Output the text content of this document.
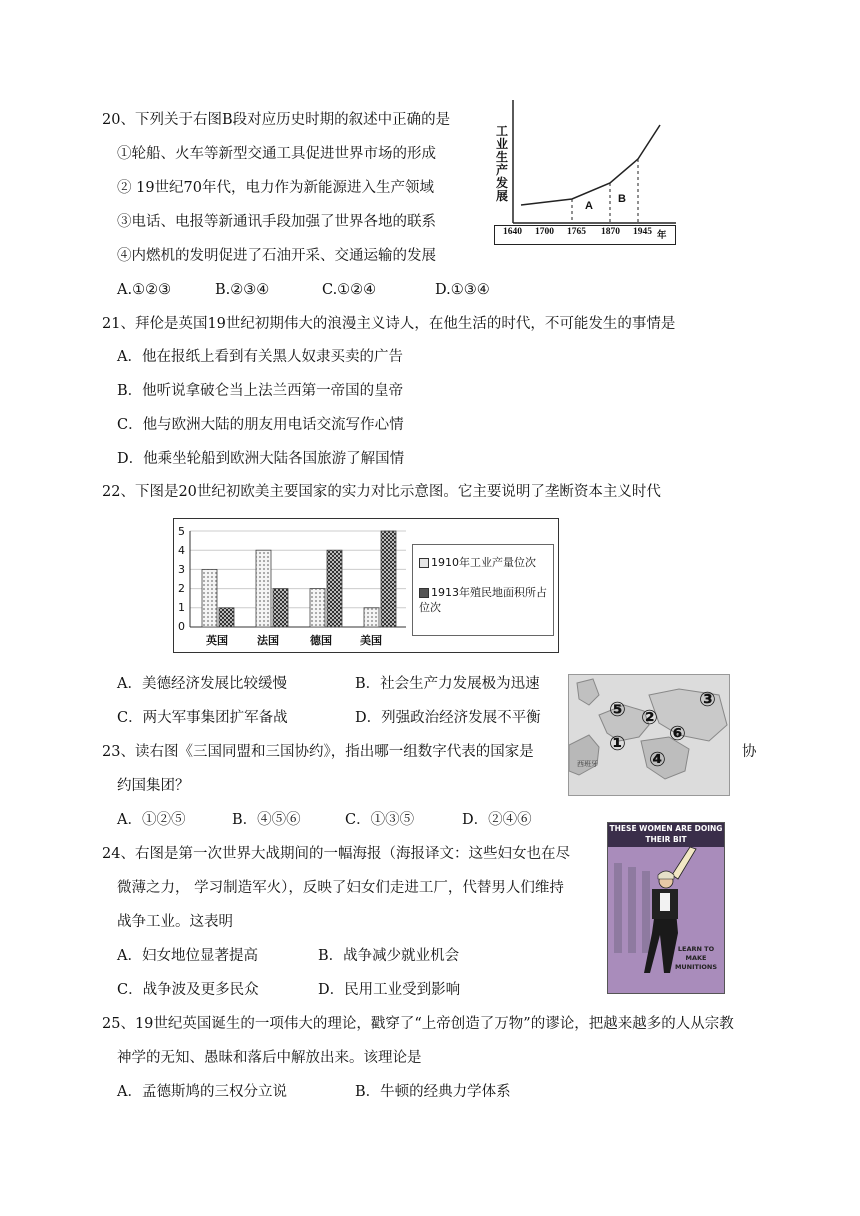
20、下列关于右图B段对应历史时期的叙述中正确的是
①轮船、火车等新型交通工具促进世界市场的形成
② 19世纪70年代，电力作为新能源进入生产领域
③电话、电报等新通讯手段加强了世界各地的联系
④内燃机的发明促进了石油开采、交通运输的发展
A.①②③	B.②③④	C.①②④	D.①③④
工业生产发展
A
B
1640 1700 1765 1870 1945 年
21、拜伦是英国19世纪初期伟大的浪漫主义诗人，在他生活的时代，不可能发生的事情是
A．他在报纸上看到有关黑人奴隶买卖的广告
B．他听说拿破仑当上法兰西第一帝国的皇帝
C．他与欧洲大陆的朋友用电话交流写作心情
D．他乘坐轮船到欧洲大陆各国旅游了解国情
22、下图是20世纪初欧美主要国家的实力对比示意图。它主要说明了垄断资本主义时代
0
1
2
3
4
5
英国	法国	德国	美国
1910年工业产量位次
1913年殖民地面积所占位次
A．美德经济发展比较缓慢	B．社会生产力发展极为迅速
C．两大军事集团扩军备战	D．列强政治经济发展不平衡
23、读右图《三国同盟和三国协约》，指出哪一组数字代表的国家是	协
约国集团？
A．①②⑤	B．④⑤⑥	C．①③⑤	D．②④⑥
⑤ ②
③
⑥
①
④
西班牙
24、右图是第一次世界大战期间的一幅海报（海报译文：这些妇女也在尽
微薄之力， 学习制造军火），反映了妇女们走进工厂，代替男人们维持
战争工业。这表明
A．妇女地位显著提高	B．战争减少就业机会
C．战争波及更多民众	D．民用工业受到影响
THESE WOMEN ARE DOING THEIR BIT
LEARN TO MAKE MUNITIONS
25、19世纪英国诞生的一项伟大的理论，戳穿了“上帝创造了万物”的谬论，把越来越多的人从宗教
神学的无知、愚昧和落后中解放出来。该理论是
A．孟德斯鸠的三权分立说	B．牛顿的经典力学体系
